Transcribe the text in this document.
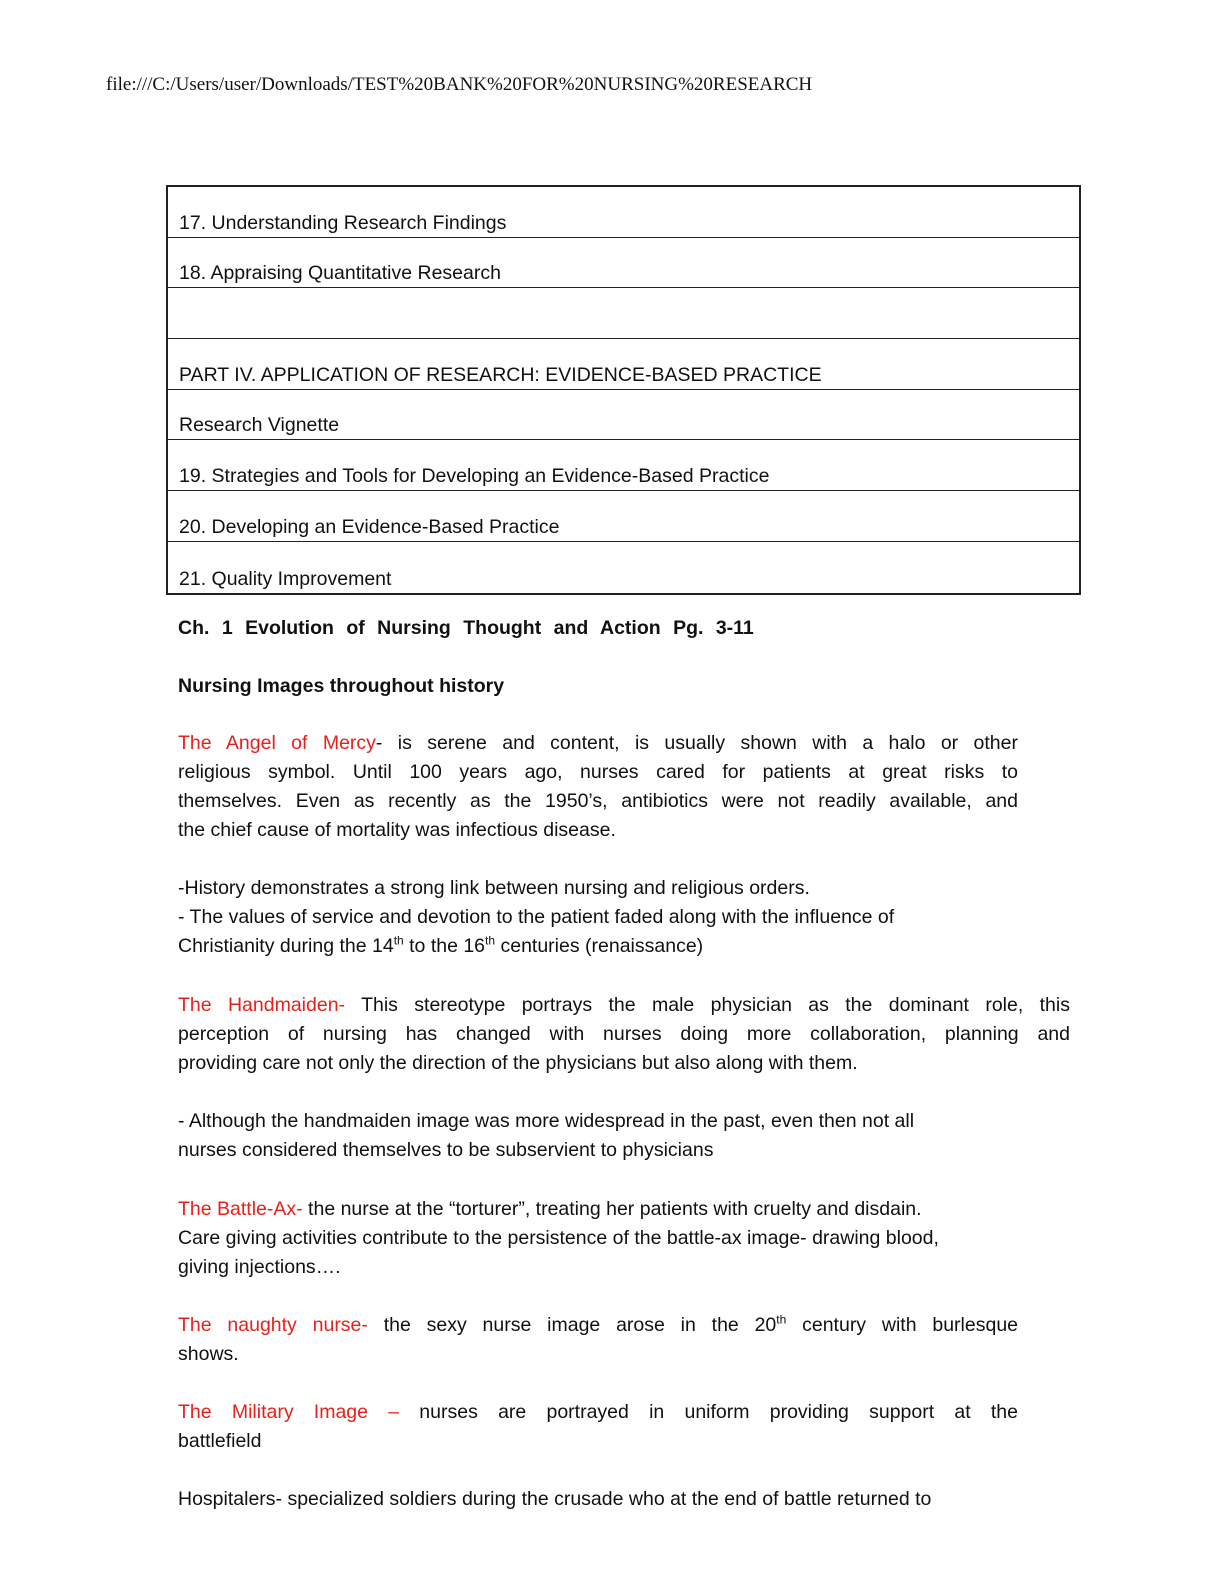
file:///C:/Users/user/Downloads/TEST%20BANK%20FOR%20NURSING%20RESEARCH
17. Understanding Research Findings
18. Appraising Quantitative Research
PART IV. APPLICATION OF RESEARCH: EVIDENCE-BASED PRACTICE
Research Vignette
19. Strategies and Tools for Developing an Evidence-Based Practice
20. Developing an Evidence-Based Practice
21. Quality Improvement

Ch. 1 Evolution of Nursing Thought and Action Pg. 3-11

Nursing Images throughout history

The Angel of Mercy- is serene and content, is usually shown with a halo or other

religious symbol. Until 100 years ago, nurses cared for patients at great risks to

themselves. Even as recently as the 1950’s, antibiotics were not readily available, and

the chief cause of mortality was infectious disease.

-History demonstrates a strong link between nursing and religious orders.

- The values of service and devotion to the patient faded along with the influence of

Christianity during the 14th to the 16th centuries (renaissance)

The Handmaiden- This stereotype portrays the male physician as the dominant role, this

perception of nursing has changed with nurses doing more collaboration, planning and

providing care not only the direction of the physicians but also along with them.

- Although the handmaiden image was more widespread in the past, even then not all

nurses considered themselves to be subservient to physicians

The Battle-Ax- the nurse at the “torturer”, treating her patients with cruelty and disdain.

Care giving activities contribute to the persistence of the battle-ax image- drawing blood,

giving injections….

The naughty nurse- the sexy nurse image arose in the 20th century with burlesque

shows.

The Military Image – nurses are portrayed in uniform providing support at the

battlefield

Hospitalers- specialized soldiers during the crusade who at the end of battle returned to
